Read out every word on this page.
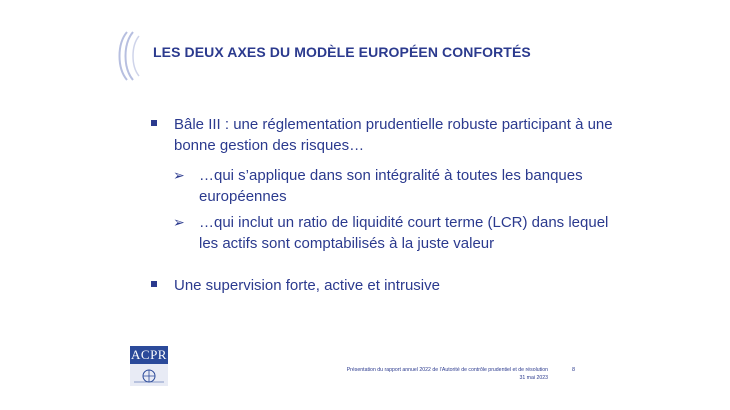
LES DEUX AXES DU MODÈLE EUROPÉEN CONFORTÉS
Bâle III : une réglementation prudentielle robuste participant à une bonne gestion des risques…
➢ …qui s’applique dans son intégralité à toutes les banques européennes
➢ …qui inclut un ratio de liquidité court terme (LCR) dans lequel les actifs sont comptabilisés à la juste valeur
Une supervision forte, active et intrusive
ACPR
Présentation du rapport annuel 2022 de l’Autorité de contrôle prudentiel et de résolution
31 mai 2023
8
